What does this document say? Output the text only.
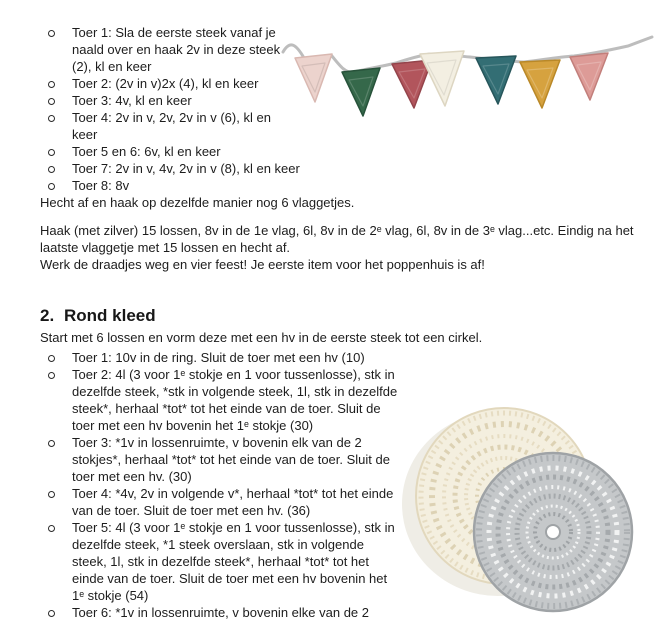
Toer 1: Sla de eerste steek vanaf je naald over en haak 2v in deze steek (2), kl en keer
Toer 2: (2v in v)2x (4), kl en keer
Toer 3: 4v, kl en keer
Toer 4: 2v in v, 2v, 2v in v (6), kl en keer
Toer 5 en 6: 6v, kl en keer
Toer 7: 2v in v, 4v, 2v in v (8), kl en keer
Toer 8: 8v

Hecht af en haak op dezelfde manier nog 6 vlaggetjes.

Haak (met zilver) 15 lossen, 8v in de 1e vlag, 6l, 8v in de 2ᵉ vlag, 6l, 8v in de 3ᵉ vlag...etc. Eindig na het laatste vlaggetje met 15 lossen en hecht af.

Werk de draadjes weg en vier feest! Je eerste item voor het poppenhuis is af!

2. Rond kleed

Start met 6 lossen en vorm deze met een hv in de eerste steek tot een cirkel.

Toer 1: 10v in de ring. Sluit de toer met een hv (10)
Toer 2: 4l (3 voor 1ᵉ stokje en 1 voor tussenlosse), stk in dezelfde steek, *stk in volgende steek, 1l, stk in dezelfde steek*, herhaal *tot* tot het einde van de toer. Sluit de toer met een hv bovenin het 1ᵉ stokje (30)
Toer 3: *1v in lossenruimte, v bovenin elk van de 2 stokjes*, herhaal *tot* tot het einde van de toer. Sluit de toer met een hv. (30)
Toer 4: *4v, 2v in volgende v*, herhaal *tot* tot het einde van de toer. Sluit de toer met een hv. (36)
Toer 5: 4l (3 voor 1ᵉ stokje en 1 voor tussenlosse), stk in dezelfde steek, *1 steek overslaan, stk in volgende steek, 1l, stk in dezelfde steek*, herhaal *tot* tot het einde van de toer. Sluit de toer met een hv bovenin het 1ᵉ stokje (54)
Toer 6: *1v in lossenruimte, v bovenin elke van de 2
